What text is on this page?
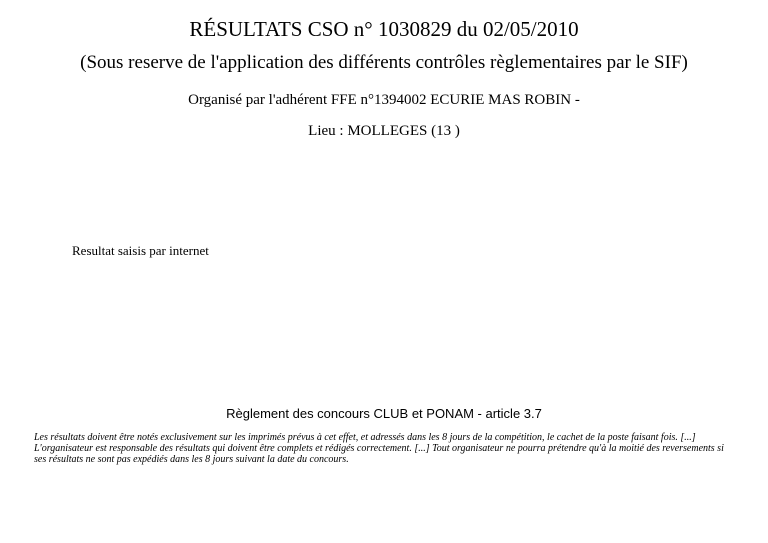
RÉSULTATS CSO n° 1030829 du 02/05/2010
(Sous reserve de l'application des différents contrôles règlementaires par le SIF)
Organisé par l'adhérent FFE n°1394002 ECURIE MAS ROBIN -
Lieu : MOLLEGES (13 )
Resultat saisis par internet
Règlement des concours CLUB et PONAM - article 3.7
Les résultats doivent être notés exclusivement sur les imprimés prévus à cet effet, et adressés dans les 8 jours de la compétition, le cachet de la poste faisant fois. [...] L'organisateur est responsable des résultats qui doivent être complets et rédigés correctement. [...] Tout organisateur ne pourra prétendre qu'à la moitié des reversements si ses résultats ne sont pas expédiés dans les 8 jours suivant la date du concours.
